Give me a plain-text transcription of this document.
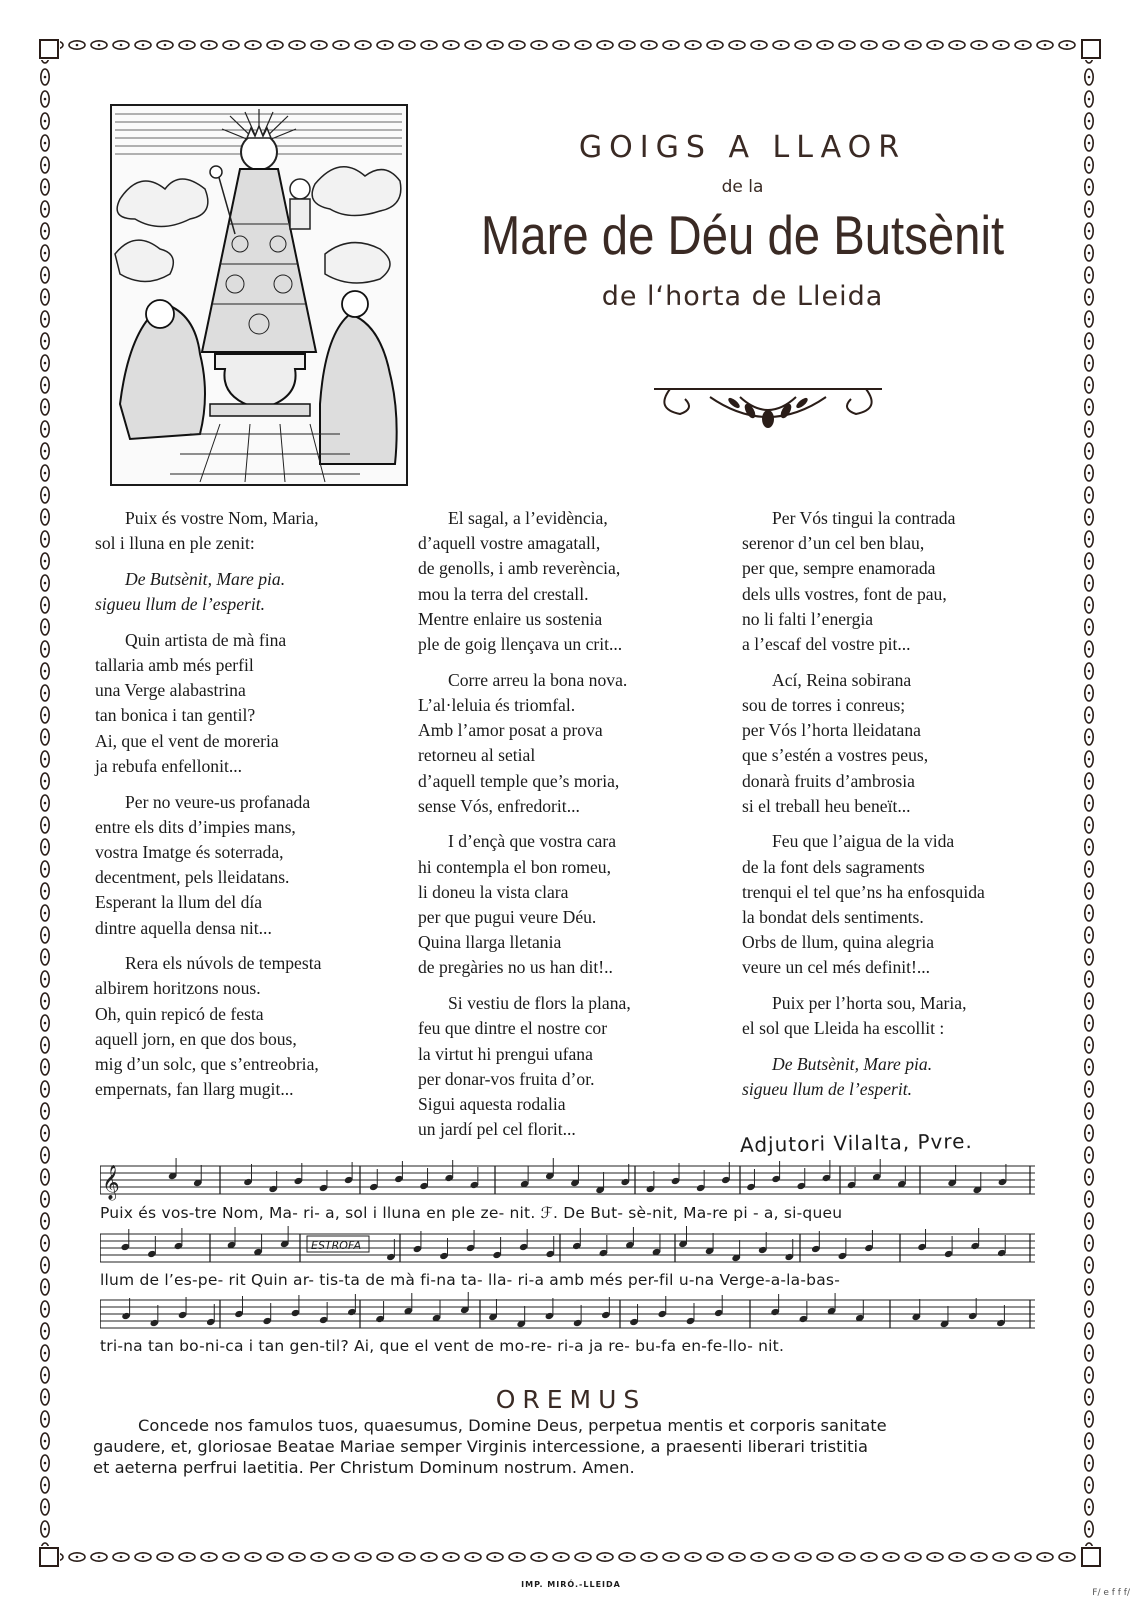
GOIGS A LLAOR
de la
Mare de Déu de Butsènit
de l‘horta de Lleida
Puix és vostre Nom, Maria,
sol i lluna en ple zenit:
De Butsènit, Mare pia.
sigueu llum de l’esperit.
Quin artista de mà fina
tallaria amb més perfil
una Verge alabastrina
tan bonica i tan gentil?
Ai, que el vent de moreria
ja rebufa enfellonit...
Per no veure-us profanada
entre els dits d’impies mans,
vostra Imatge és soterrada,
decentment, pels lleidatans.
Esperant la llum del día
dintre aquella densa nit...
Rera els núvols de tempesta
albirem horitzons nous.
Oh, quin repicó de festa
aquell jorn, en que dos bous,
mig d’un solc, que s’entreobria,
empernats, fan llarg mugit...
El sagal, a l’evidència,
d’aquell vostre amagatall,
de genolls, i amb reverència,
mou la terra del crestall.
Mentre enlaire us sostenia
ple de goig llençava un crit...
Corre arreu la bona nova.
L’al·leluia és triomfal.
Amb l’amor posat a prova
retorneu al setial
d’aquell temple que’s moria,
sense Vós, enfredorit...
I d’ençà que vostra cara
hi contempla el bon romeu,
li doneu la vista clara
per que pugui veure Déu.
Quina llarga lletania
de pregàries no us han dit!..
Si vestiu de flors la plana,
feu que dintre el nostre cor
la virtut hi prengui ufana
per donar-vos fruita d’or.
Sigui aquesta rodalia
un jardí pel cel florit...
Per Vós tingui la contrada
serenor d’un cel ben blau,
per que, sempre enamorada
dels ulls vostres, font de pau,
no li falti l’energia
a l’escaf del vostre pit...
Ací, Reina sobirana
sou de torres i conreus;
per Vós l’horta lleidatana
que s’estén a vostres peus,
donarà fruits d’ambrosia
si el treball heu beneït...
Feu que l’aigua de la vida
de la font dels sagraments
trenqui el tel que’ns ha enfosquida
la bondat dels sentiments.
Orbs de llum, quina alegria
veure un cel més definit!...
Puix per l’horta sou, Maria,
el sol que Lleida ha escollit :
De Butsènit, Mare pia.
sigueu llum de l’esperit.
Adjutori Vilalta, Pvre.
𝄞
Puix és vos-tre Nom, Ma- ri- a, sol i lluna en ple ze- nit. ℱ. De But- sè-nit, Ma-re pi - a, si-queu
ESTROFA
llum de l’es-pe- rit Quin ar- tis-ta de mà fi-na ta- lla- ri-a amb més per-fil u-na Verge-a-la-bas-
tri-na tan bo-ni-ca i tan gen-til? Ai, que el vent de mo-re- ri-a ja re- bu-fa en-fe-llo- nit.
OREMUS
Concede nos famulos tuos, quaesumus, Domine Deus, perpetua mentis et corporis sanitate
gaudere, et, gloriosae Beatae Mariae semper Virginis intercessione, a praesenti liberari tristitia
et aeterna perfrui laetitia. Per Christum Dominum nostrum. Amen.
IMP. MIRÓ.-LLEIDA
F/ e f f f/
